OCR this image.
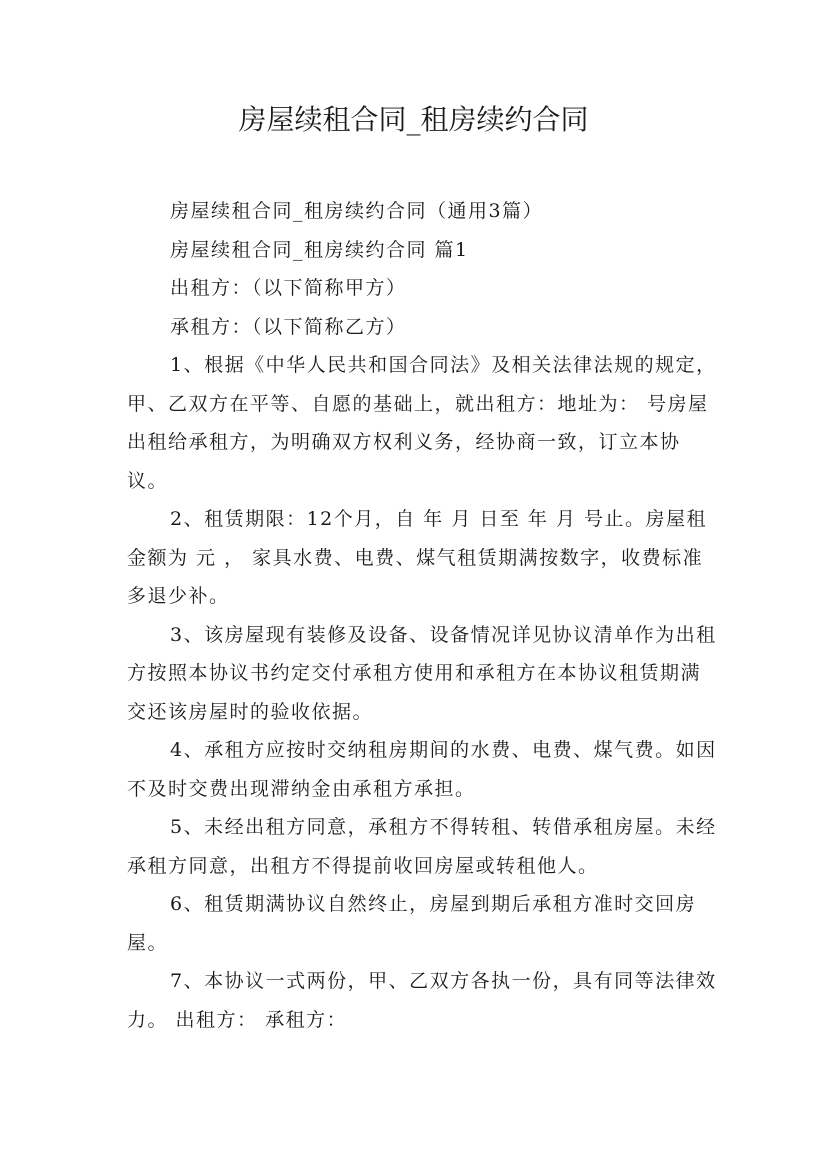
房屋续租合同_租房续约合同

房屋续租合同_租房续约合同（通用3篇）

房屋续租合同_租房续约合同 篇1

出租方：（以下简称甲方）

承租方：（以下简称乙方）

1、根据《中华人民共和国合同法》及相关法律法规的规定，甲、乙双方在平等、自愿的基础上，就出租方：地址为： 号房屋出租给承租方，为明确双方权利义务，经协商一致，订立本协议。

2、租赁期限：12个月，自 年 月 日至 年 月 号止。房屋租金额为 元 ， 家具水费、电费、煤气租赁期满按数字，收费标准多退少补。

3、该房屋现有装修及设备、设备情况详见协议清单作为出租方按照本协议书约定交付承租方使用和承租方在本协议租赁期满交还该房屋时的验收依据。

4、承租方应按时交纳租房期间的水费、电费、煤气费。如因不及时交费出现滞纳金由承租方承担。

5、未经出租方同意，承租方不得转租、转借承租房屋。未经承租方同意，出租方不得提前收回房屋或转租他人。

6、租赁期满协议自然终止，房屋到期后承租方准时交回房屋。

7、本协议一式两份，甲、乙双方各执一份，具有同等法律效力。 出租方： 承租方：
